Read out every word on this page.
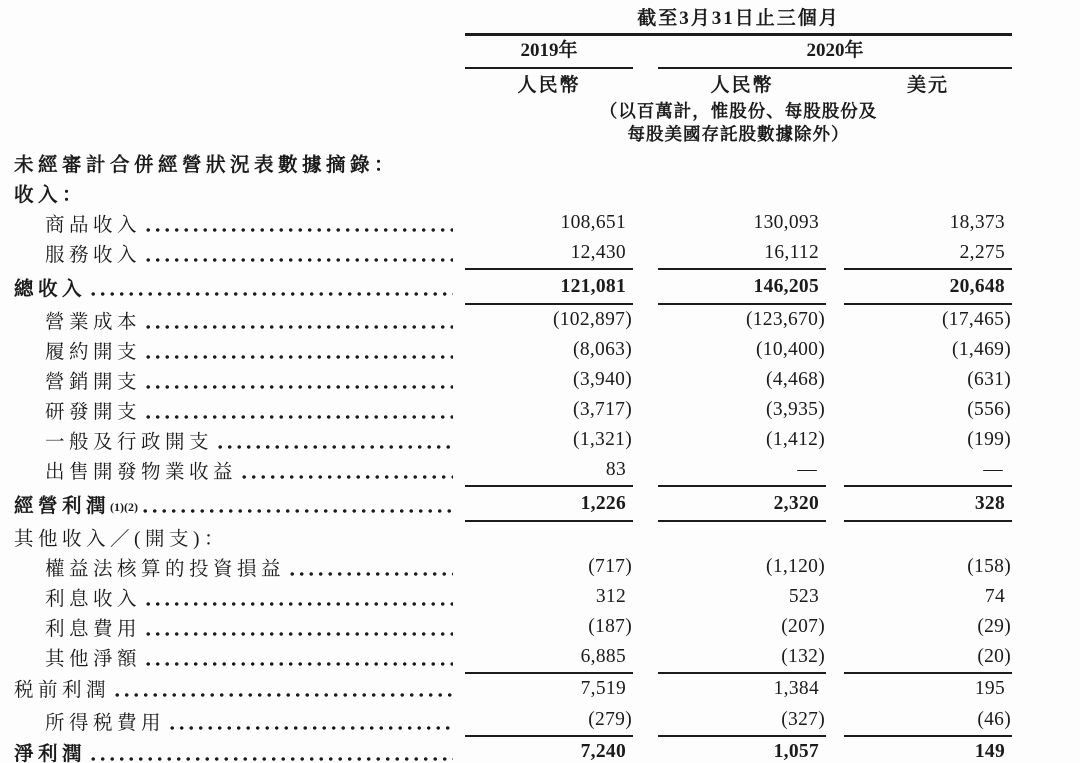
截至3月31日止三個月
2019年	2020年
人民幣	人民幣	美元
（以百萬計，惟股份、每股股份及
每股美國存託股數據除外）
未經審計合併經營狀況表數據摘錄：
收入：
商品收入	108,651	130,093	18,373
服務收入	12,430	16,112	2,275
總收入	121,081	146,205	20,648
營業成本	(102,897)	(123,670)	(17,465)
履約開支	(8,063)	(10,400)	(1,469)
營銷開支	(3,940)	(4,468)	(631)
研發開支	(3,717)	(3,935)	(556)
一般及行政開支	(1,321)	(1,412)	(199)
出售開發物業收益	83	—	—
經營利潤$^{(1)(2)}$	1,226	2,320	328
其他收入／(開支)：
權益法核算的投資損益	(717)	(1,120)	(158)
利息收入	312	523	74
利息費用	(187)	(207)	(29)
其他淨額	6,885	(132)	(20)
税前利潤	7,519	1,384	195
所得税費用	(279)	(327)	(46)
淨利潤	7,240	1,057	149
